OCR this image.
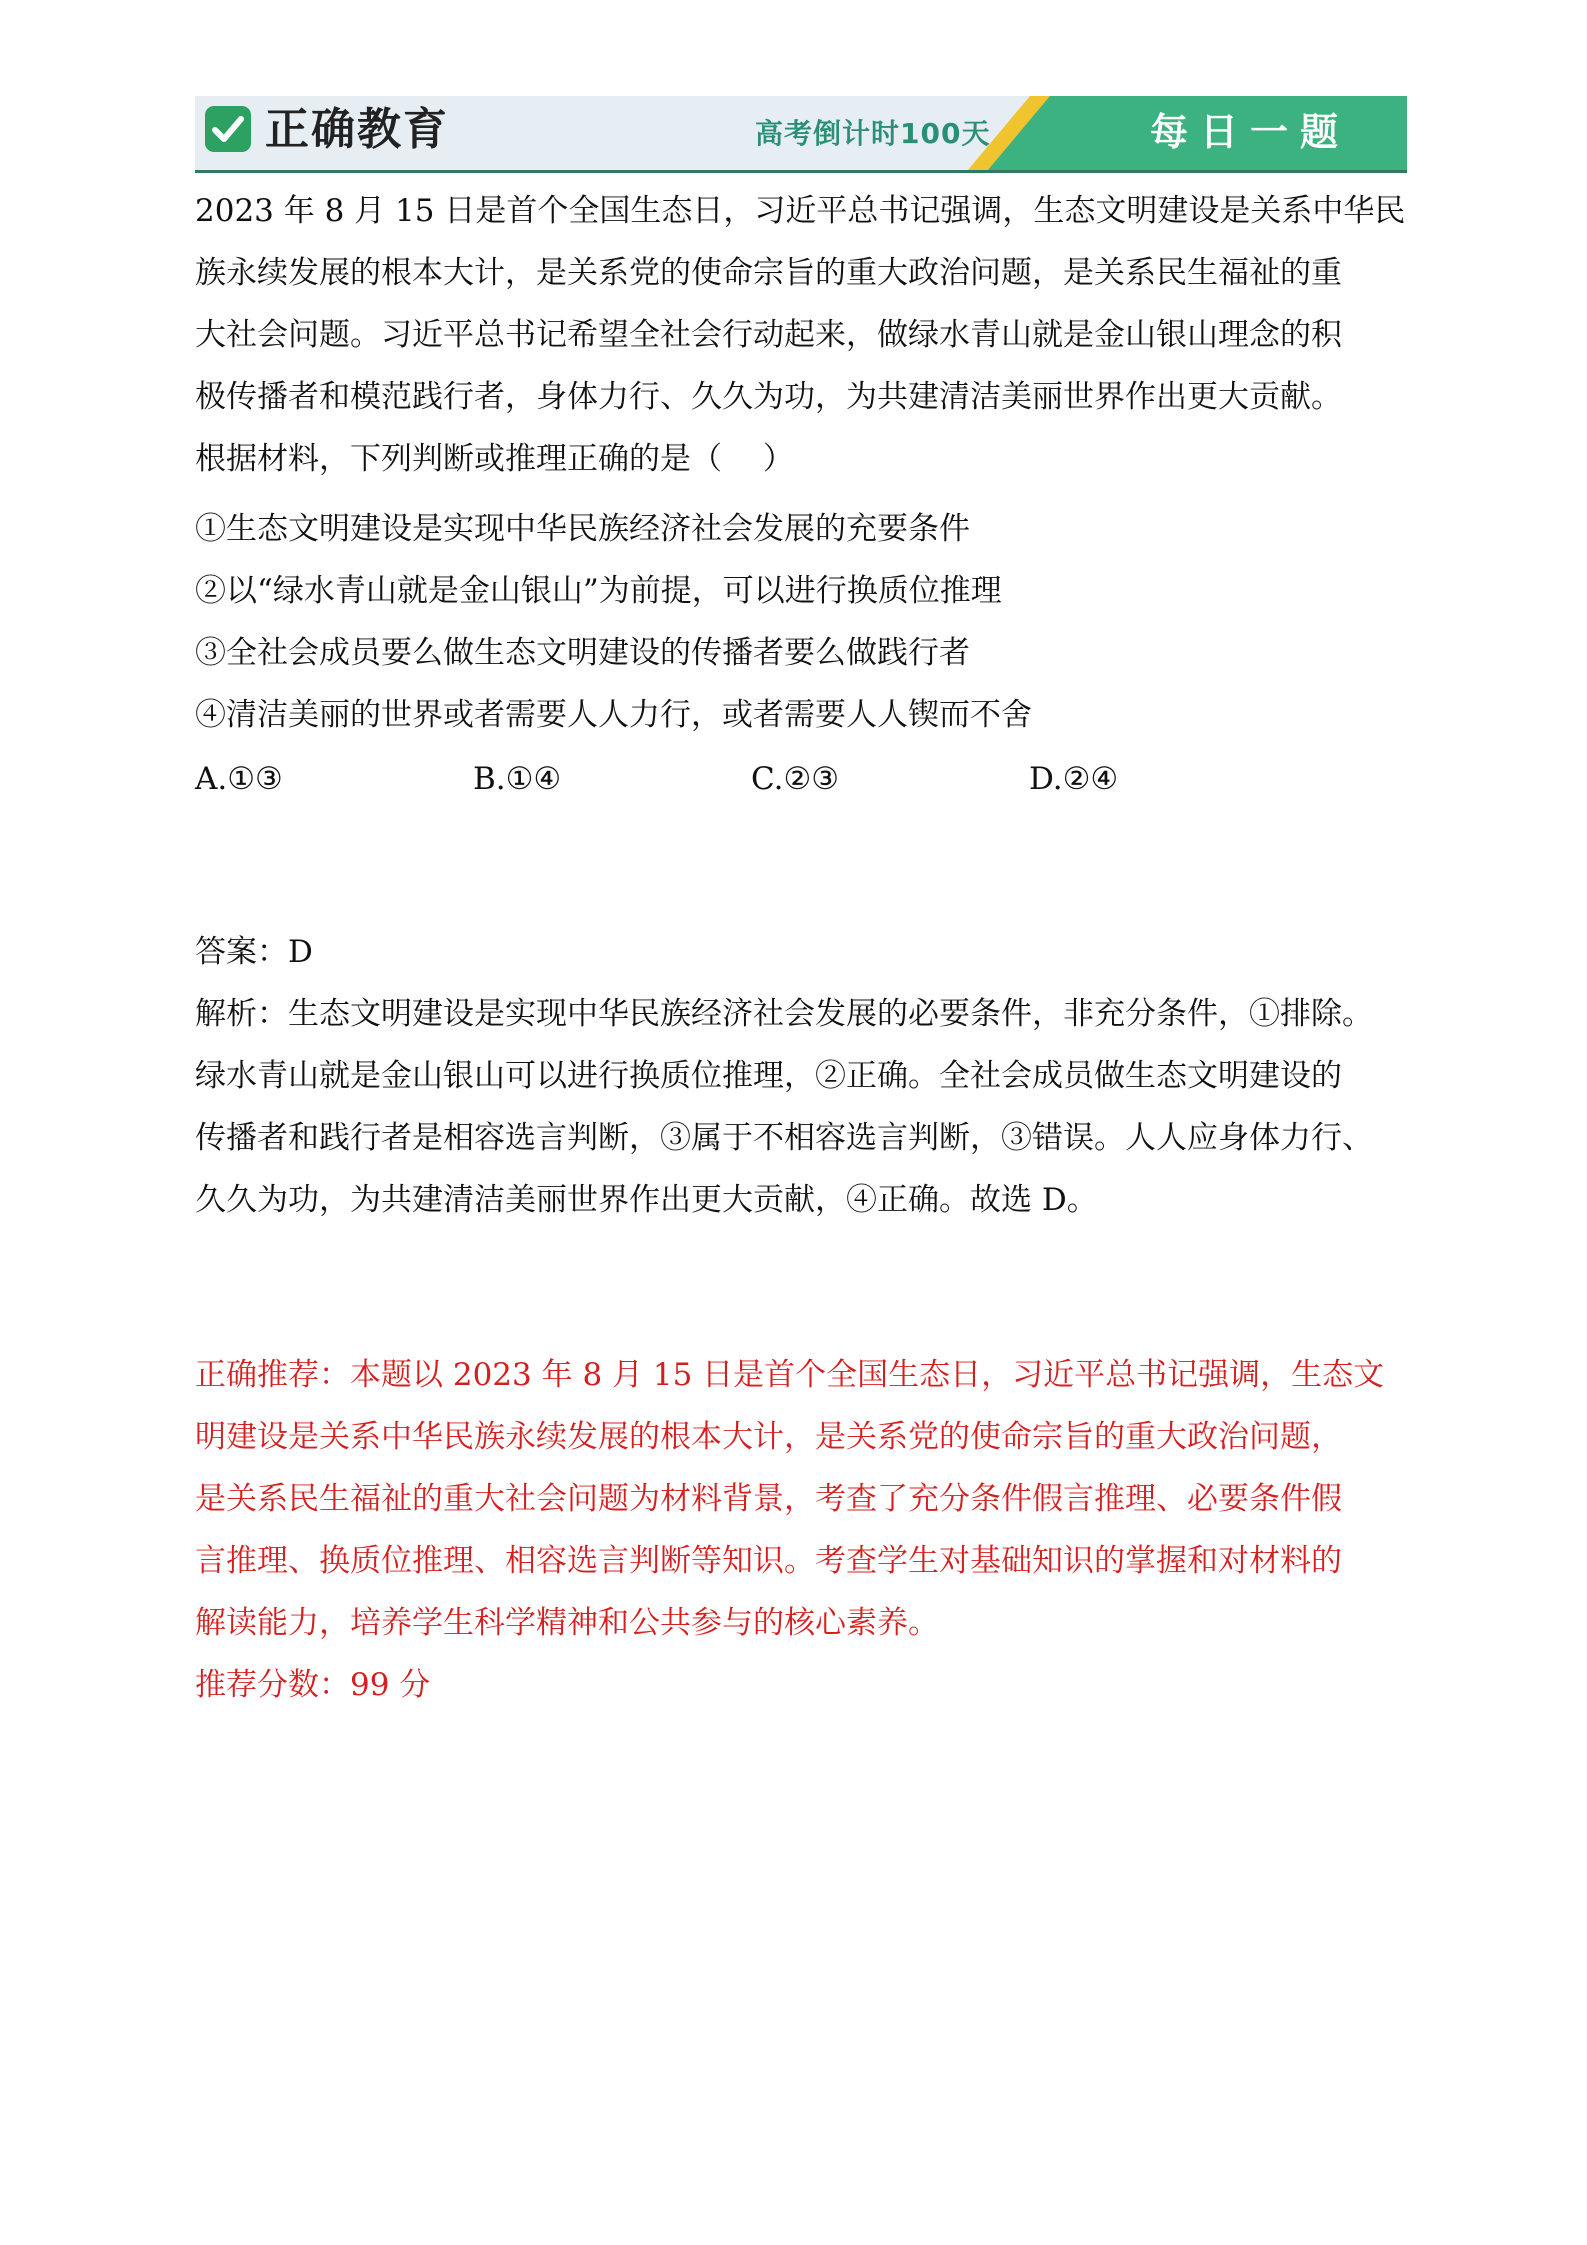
正确教育	高考倒计时100天	每日一题

2023 年 8 月 15 日是首个全国生态日，习近平总书记强调，生态文明建设是关系中华民

族永续发展的根本大计，是关系党的使命宗旨的重大政治问题，是关系民生福祉的重

大社会问题。习近平总书记希望全社会行动起来，做绿水青山就是金山银山理念的积

极传播者和模范践行者，身体力行、久久为功，为共建清洁美丽世界作出更大贡献。

根据材料，下列判断或推理正确的是（　 ）

①生态文明建设是实现中华民族经济社会发展的充要条件

②以“绿水青山就是金山银山”为前提，可以进行换质位推理

③全社会成员要么做生态文明建设的传播者要么做践行者

④清洁美丽的世界或者需要人人力行，或者需要人人锲而不舍

A.①③	B.①④	C.②③	D.②④

答案：D

解析：生态文明建设是实现中华民族经济社会发展的必要条件，非充分条件，①排除。

绿水青山就是金山银山可以进行换质位推理，②正确。全社会成员做生态文明建设的

传播者和践行者是相容选言判断，③属于不相容选言判断，③错误。人人应身体力行、

久久为功，为共建清洁美丽世界作出更大贡献，④正确。故选 D。

正确推荐：本题以 2023 年 8 月 15 日是首个全国生态日，习近平总书记强调，生态文

明建设是关系中华民族永续发展的根本大计，是关系党的使命宗旨的重大政治问题，

是关系民生福祉的重大社会问题为材料背景，考查了充分条件假言推理、必要条件假

言推理、换质位推理、相容选言判断等知识。考查学生对基础知识的掌握和对材料的

解读能力，培养学生科学精神和公共参与的核心素养。

推荐分数：99 分
